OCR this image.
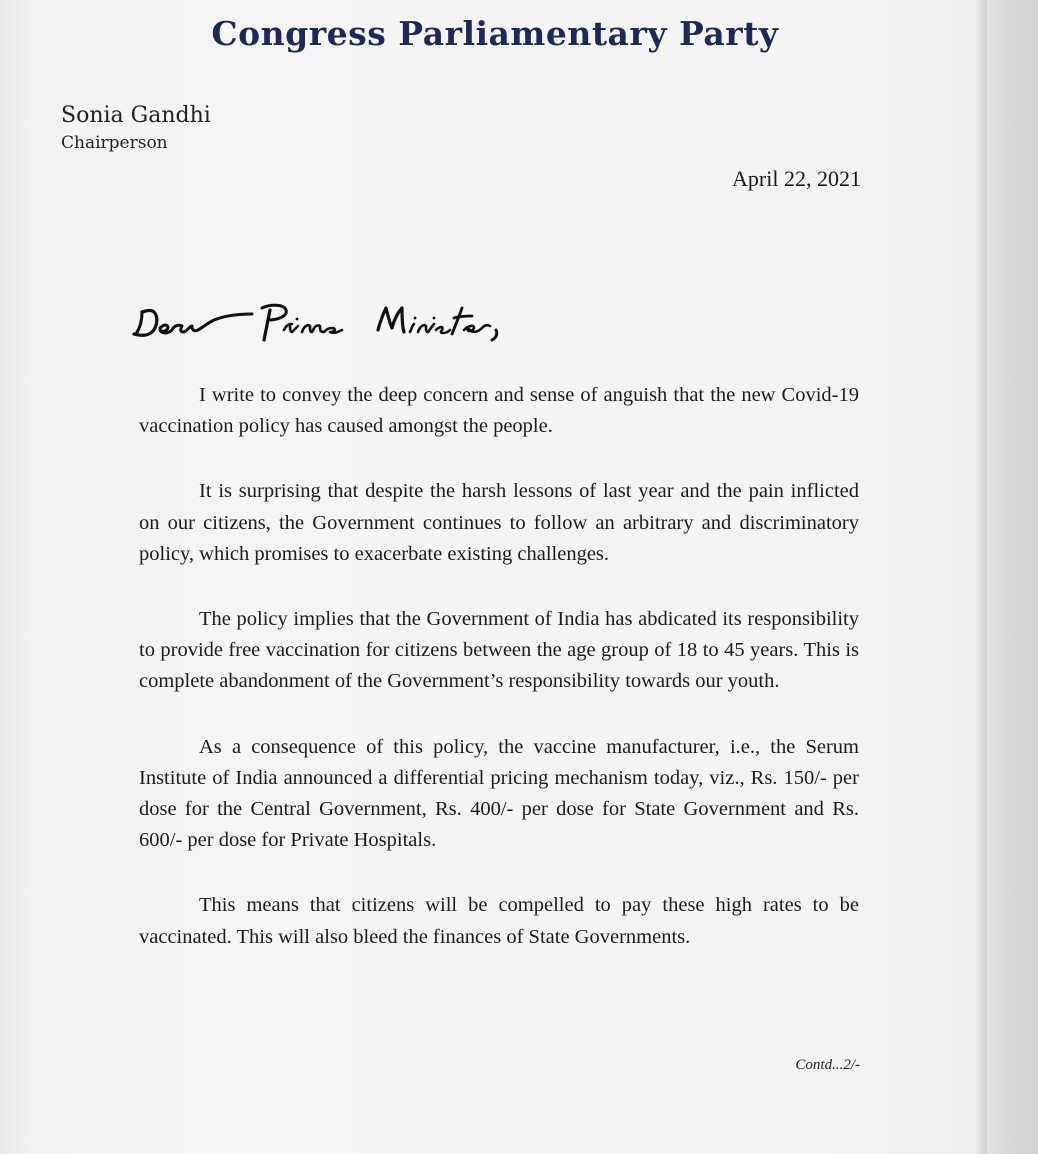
Congress Parliamentary Party
Sonia Gandhi
Chairperson
April 22, 2021

I write to convey the deep concern and sense of anguish that the new Covid-19 vaccination policy has caused amongst the people.

It is surprising that despite the harsh lessons of last year and the pain inflicted on our citizens, the Government continues to follow an arbitrary and discriminatory policy, which promises to exacerbate existing challenges.

The policy implies that the Government of India has abdicated its responsibility to provide free vaccination for citizens between the age group of 18 to 45 years. This is complete abandonment of the Government’s responsibility towards our youth.

As a consequence of this policy, the vaccine manufacturer, i.e., the Serum Institute of India announced a differential pricing mechanism today, viz., Rs. 150/- per dose for the Central Government, Rs. 400/- per dose for State Government and Rs. 600/- per dose for Private Hospitals.

This means that citizens will be compelled to pay these high rates to be vaccinated. This will also bleed the finances of State Governments.

Contd...2/-
